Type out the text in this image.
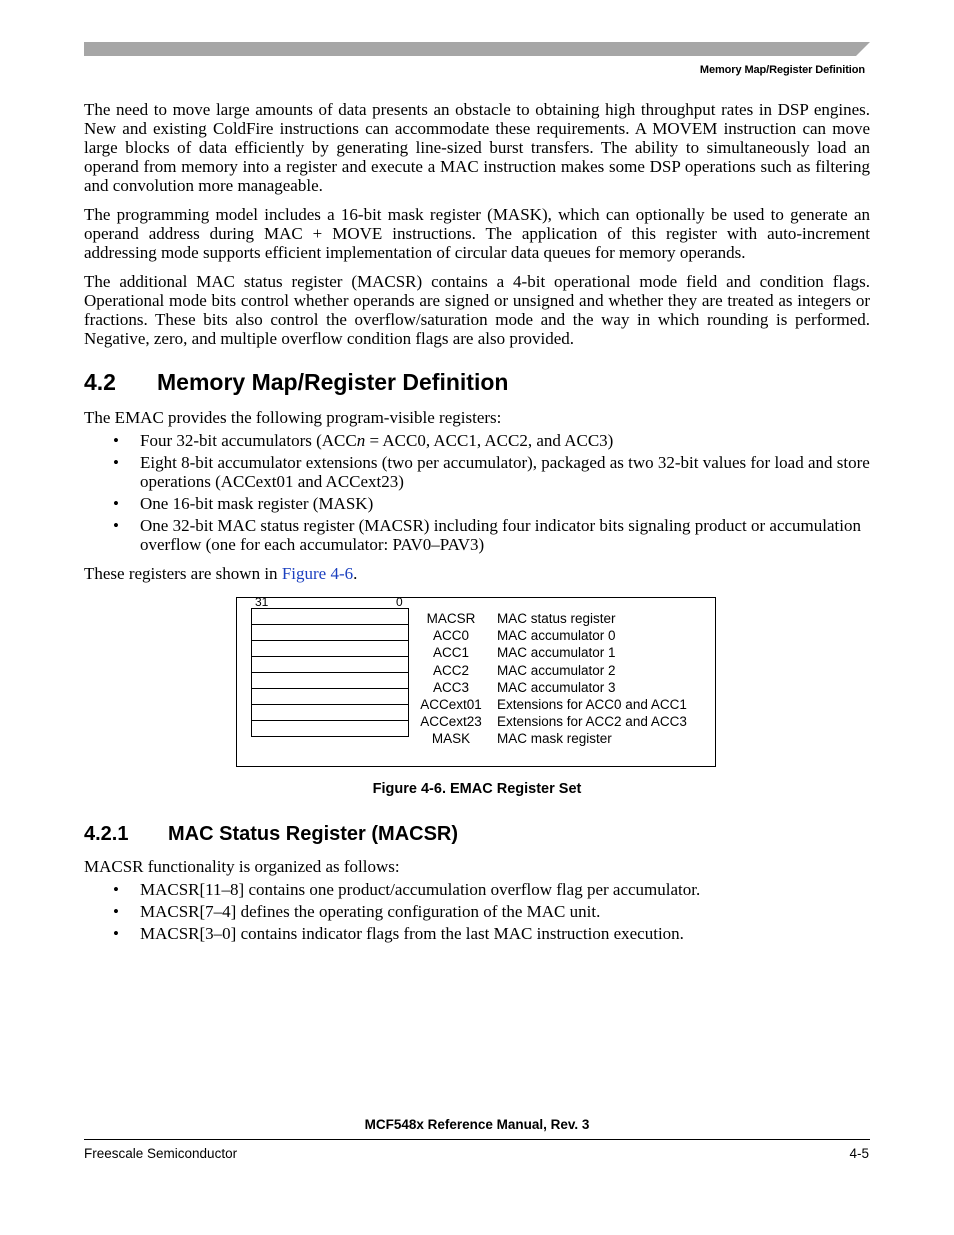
Memory Map/Register Definition

The need to move large amounts of data presents an obstacle to obtaining high throughput rates in DSP engines. New and existing ColdFire instructions can accommodate these requirements. A MOVEM instruction can move large blocks of data efficiently by generating line-sized burst transfers. The ability to simultaneously load an operand from memory into a register and execute a MAC instruction makes some DSP operations such as filtering and convolution more manageable.

The programming model includes a 16-bit mask register (MASK), which can optionally be used to generate an operand address during MAC + MOVE instructions. The application of this register with auto-increment addressing mode supports efficient implementation of circular data queues for memory operands.

The additional MAC status register (MACSR) contains a 4-bit operational mode field and condition flags. Operational mode bits control whether operands are signed or unsigned and whether they are treated as integers or fractions. These bits also control the overflow/saturation mode and the way in which rounding is performed. Negative, zero, and multiple overflow condition flags are also provided.

4.2 Memory Map/Register Definition

The EMAC provides the following program-visible registers:

• Four 32-bit accumulators (ACCn = ACC0, ACC1, ACC2, and ACC3)
• Eight 8-bit accumulator extensions (two per accumulator), packaged as two 32-bit values for load and store operations (ACCext01 and ACCext23)
• One 16-bit mask register (MASK)
• One 32-bit MAC status register (MACSR) including four indicator bits signaling product or accumulation overflow (one for each accumulator: PAV0–PAV3)

These registers are shown in Figure 4-6.

31	0
MACSR
ACC0
ACC1
ACC2
ACC3
ACCext01
ACCext23
MASK
MAC status register
MAC accumulator 0
MAC accumulator 1
MAC accumulator 2
MAC accumulator 3
Extensions for ACC0 and ACC1
Extensions for ACC2 and ACC3
MAC mask register
Figure 4-6. EMAC Register Set
4.2.1 MAC Status Register (MACSR)

MACSR functionality is organized as follows:

• MACSR[11–8] contains one product/accumulation overflow flag per accumulator.
• MACSR[7–4] defines the operating configuration of the MAC unit.
• MACSR[3–0] contains indicator flags from the last MAC instruction execution.
MCF548x Reference Manual, Rev. 3
Freescale Semiconductor	4-5
